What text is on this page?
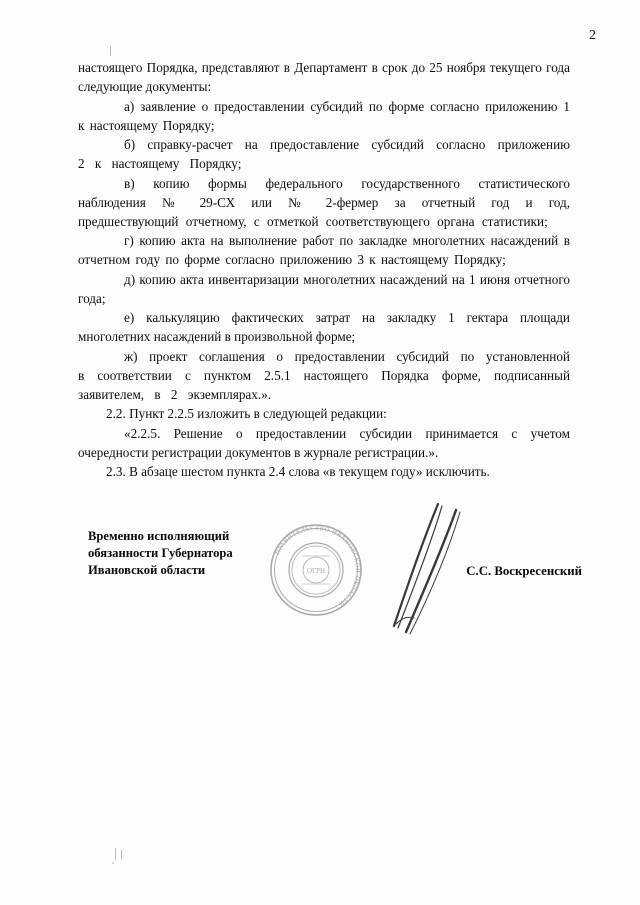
2

настоящего Порядка, представляют в Департамент в срок до 25 ноября текущего года следующие документы:

а) заявление о предоставлении субсидий по форме согласно приложению 1 к настоящему Порядку;

б) справку-расчет на предоставление субсидий согласно приложению 2 к настоящему Порядку;

в) копию формы федерального государственного статистического наблюдения № 29-СХ или № 2-фермер за отчетный год и год, предшествующий отчетному, с отметкой соответствующего органа статистики;

г) копию акта на выполнение работ по закладке многолетних насаждений в отчетном году по форме согласно приложению 3 к настоящему Порядку;

д) копию акта инвентаризации многолетних насаждений на 1 июня отчетного года;

е) калькуляцию фактических затрат на закладку 1 гектара площади многолетних насаждений в произвольной форме;

ж) проект соглашения о предоставлении субсидий по установленной в соответствии с пунктом 2.5.1 настоящего Порядка форме, подписанный заявителем, в 2 экземплярах.».

2.2. Пункт 2.2.5 изложить в следующей редакции:

«2.2.5. Решение о предоставлении субсидии принимается с учетом очередности регистрации документов в журнале регистрации.».

2.3. В абзаце шестом пункта 2.4 слова «в текущем году» исключить.

Временно исполняющий
обязанности Губернатора
Ивановской области	С.С. Воскресенский
ПРАВИТЕЛЬСТВО ИВАНОВСКОЙ ОБЛАСТИ
ОГРН
